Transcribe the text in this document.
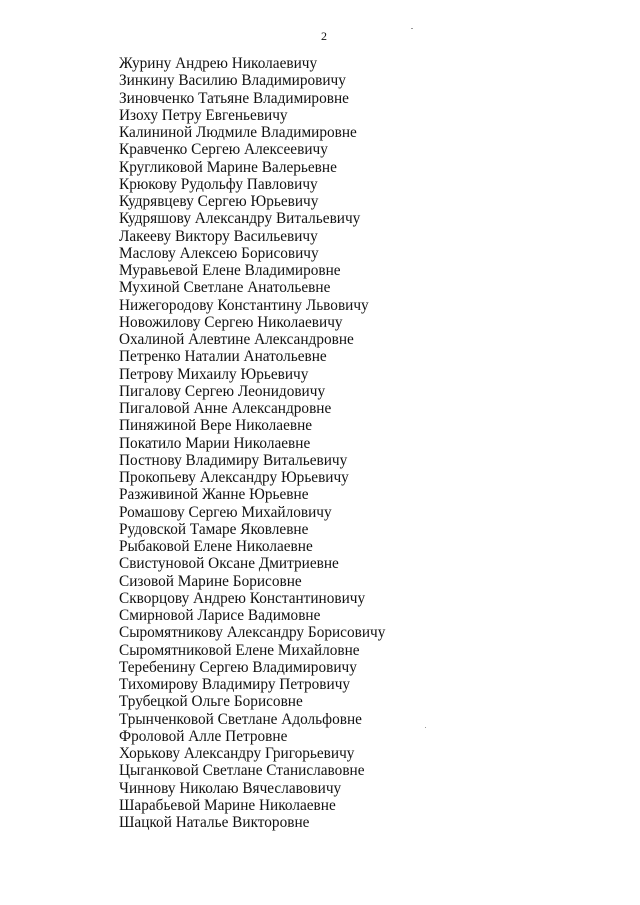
2
Журину Андрею Николаевичу
Зинкину Василию Владимировичу
Зиновченко Татьяне Владимировне
Изоху Петру Евгеньевичу
Калининой Людмиле Владимировне
Кравченко Сергею Алексеевичу
Кругликовой Марине Валерьевне
Крюкову Рудольфу Павловичу
Кудрявцеву Сергею Юрьевичу
Кудряшову Александру Витальевичу
Лакееву Виктору Васильевичу
Маслову Алексею Борисовичу
Муравьевой Елене Владимировне
Мухиной Светлане Анатольевне
Нижегородову Константину Львовичу
Новожилову Сергею Николаевичу
Охалиной Алевтине Александровне
Петренко Наталии Анатольевне
Петрову Михаилу Юрьевичу
Пигалову Сергею Леонидовичу
Пигаловой Анне Александровне
Пиняжиной Вере Николаевне
Покатило Марии Николаевне
Постнову Владимиру Витальевичу
Прокопьеву Александру Юрьевичу
Разживиной Жанне Юрьевне
Ромашову Сергею Михайловичу
Рудовской Тамаре Яковлевне
Рыбаковой Елене Николаевне
Свистуновой Оксане Дмитриевне
Сизовой Марине Борисовне
Скворцову Андрею Константиновичу
Смирновой Ларисе Вадимовне
Сыромятникову Александру Борисовичу
Сыромятниковой Елене Михайловне
Теребенину Сергею Владимировичу
Тихомирову Владимиру Петровичу
Трубецкой Ольге Борисовне
Трынченковой Светлане Адольфовне
Фроловой Алле Петровне
Хорькову Александру Григорьевичу
Цыганковой Светлане Станиславовне
Чиннову Николаю Вячеславовичу
Шарабьевой Марине Николаевне
Шацкой Наталье Викторовне
